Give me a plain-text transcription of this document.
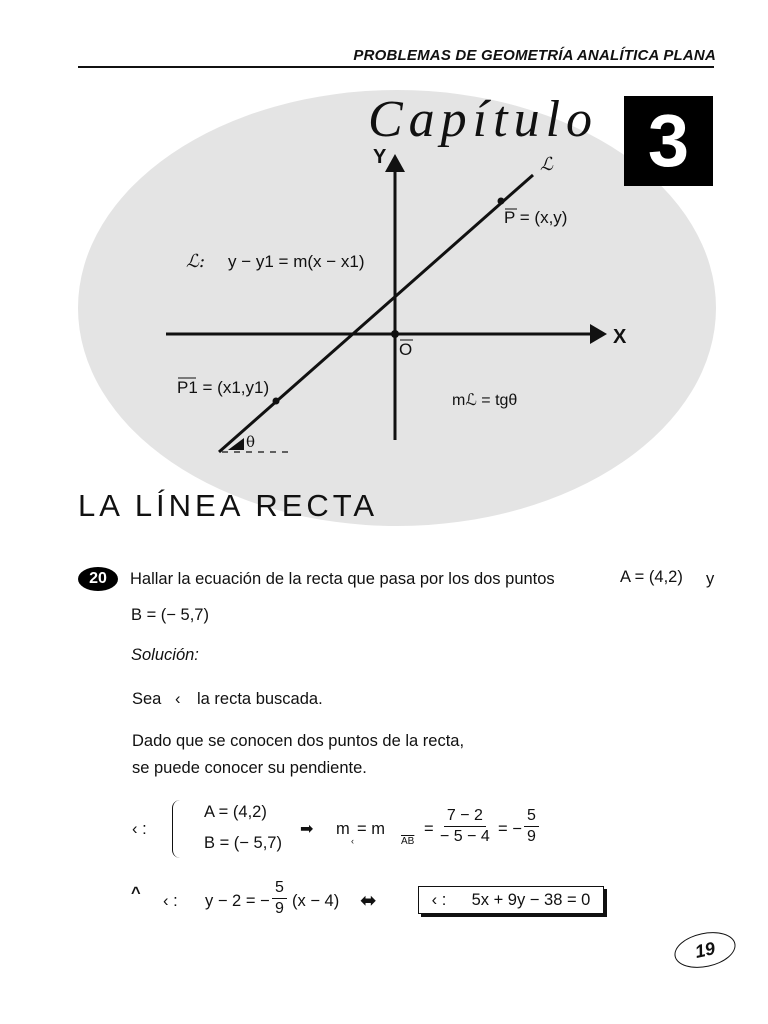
PROBLEMAS DE GEOMETRÍA ANALÍTICA PLANA
Y
X
ℒ
ℒ: y − y1 = m(x − x1)
P = (x,y)
P1 = (x1,y1)
O
mℒ = tgθ
θ
Capítulo 3
LA LÍNEA RECTA
20 Hallar la ecuación de la recta que pasa por los dos puntos	A = (4,2) y
B = (− 5,7)
Solución:
Sea ‹ la recta buscada.
Dado que se conocen dos puntos de la recta,
se puede conocer su pendiente.
‹ :
A = (4,2)
B = (− 5,7)
➡ m
‹
= m
$\overline{AB}$
= $\frac{7 - 2}{- 5 - 4}$ = − $\frac{5}{9}$
^ ‹ : y − 2 = − $\frac{5}{9} (x - 4)$ ⬌	‹ : 5x + 9y − 38 = 0
19
